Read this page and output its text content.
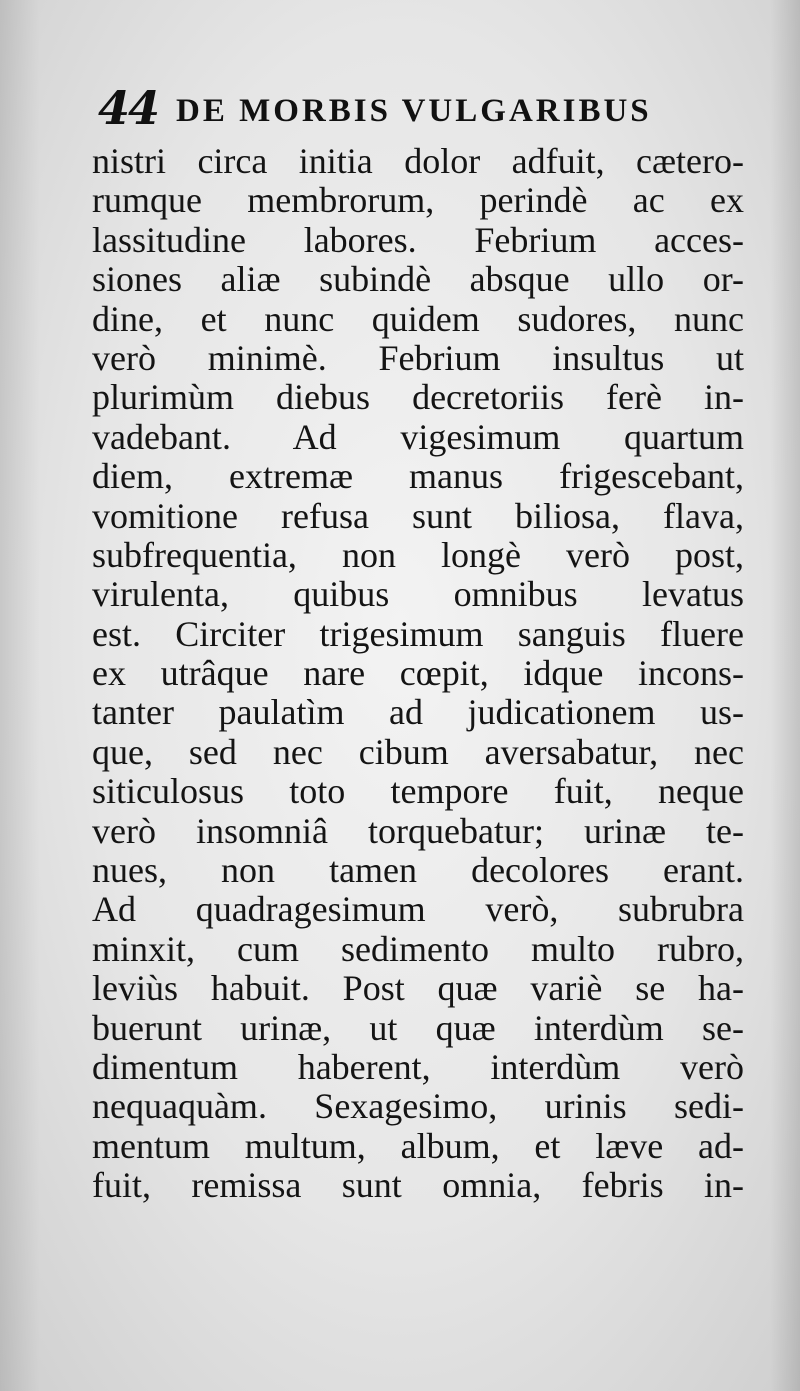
44 DE MORBIS VULGARIBUS
nistri circa initia dolor adfuit, cætero-
rumque membrorum, perindè ac ex
lassitudine labores. Febrium acces-
siones aliæ subindè absque ullo or-
dine, et nunc quidem sudores, nunc
verò minimè. Febrium insultus ut
plurimùm diebus decretoriis ferè in-
vadebant. Ad vigesimum quartum
diem, extremæ manus frigescebant,
vomitione refusa sunt biliosa, flava,
subfrequentia, non longè verò post,
virulenta, quibus omnibus levatus
est. Circiter trigesimum sanguis fluere
ex utrâque nare cœpit, idque incons-
tanter paulatìm ad judicationem us-
que, sed nec cibum aversabatur, nec
siticulosus toto tempore fuit, neque
verò insomniâ torquebatur; urinæ te-
nues, non tamen decolores erant.
Ad quadragesimum verò, subrubra
minxit, cum sedimento multo rubro,
leviùs habuit. Post quæ variè se ha-
buerunt urinæ, ut quæ interdùm se-
dimentum haberent, interdùm verò
nequaquàm. Sexagesimo, urinis sedi-
mentum multum, album, et læve ad-
fuit, remissa sunt omnia, febris in-
